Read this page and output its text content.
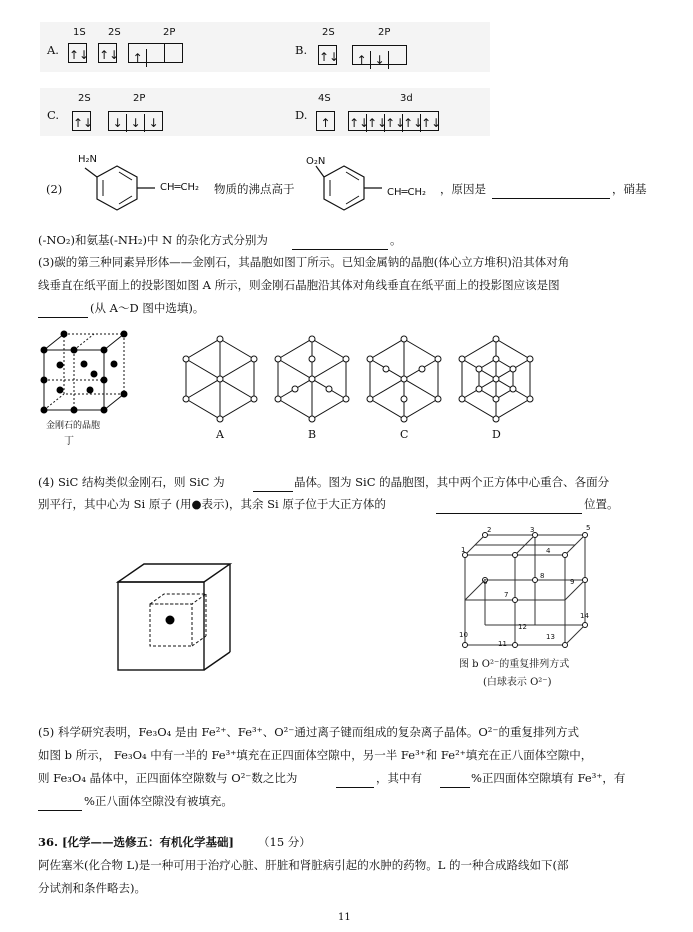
A.
1S 2S	2P
↑↓ ↑↓ ↑
B.
2S	2P
↑↓ ↑ ↓
C.
2S	2P
↑↓ ↓ ↓ ↓
D.
4S	3d
↑ ↑↓↑↓↑↓↑↓↑↓
(2)
H₂N
CH═CH₂ 物质的沸点高于
O₂N
CH═CH₂ ，原因是	，硝基
(-NO₂)和氨基(-NH₂)中 N 的杂化方式分别为	。
(3)碳的第三种同素异形体——金刚石，其晶胞如图丁所示。已知金属钠的晶胞(体心立方堆积)沿其体对角
线垂直在纸平面上的投影图如图 A 所示，则金刚石晶胞沿其体对角线垂直在纸平面上的投影图应该是图
(从 A～D 图中选填)。
金刚石的晶胞
丁
A	B	C	D
(4) SiC 结构类似金刚石，则 SiC 为	晶体。图为 SiC 的晶胞图，其中两个正方体中心重合、各面分
别平行，其中心为 Si 原子 (用●表示)，其余 Si 原子位于大正方体的	位置。
1
2	3
4
5
6
7
8
9
10
11
12
13
14
图 b O²⁻的重复排列方式
(白球表示 O²⁻)
(5) 科学研究表明，Fe₃O₄ 是由 Fe²⁺、Fe³⁺、O²⁻通过离子键而组成的复杂离子晶体。O²⁻的重复排列方式
如图 b 所示， Fe₃O₄ 中有一半的 Fe³⁺填充在正四面体空隙中，另一半 Fe³⁺和 Fe²⁺填充在正八面体空隙中，
则 Fe₃O₄ 晶体中，正四面体空隙数与 O²⁻数之比为	，其中有	%正四面体空隙填有 Fe³⁺，有
%正八面体空隙没有被填充。
36. [化学——选修五：有机化学基础] （15 分）
阿佐塞米(化合物 L)是一种可用于治疗心脏、肝脏和肾脏病引起的水肿的药物。L 的一种合成路线如下(部
分试剂和条件略去)。
11
